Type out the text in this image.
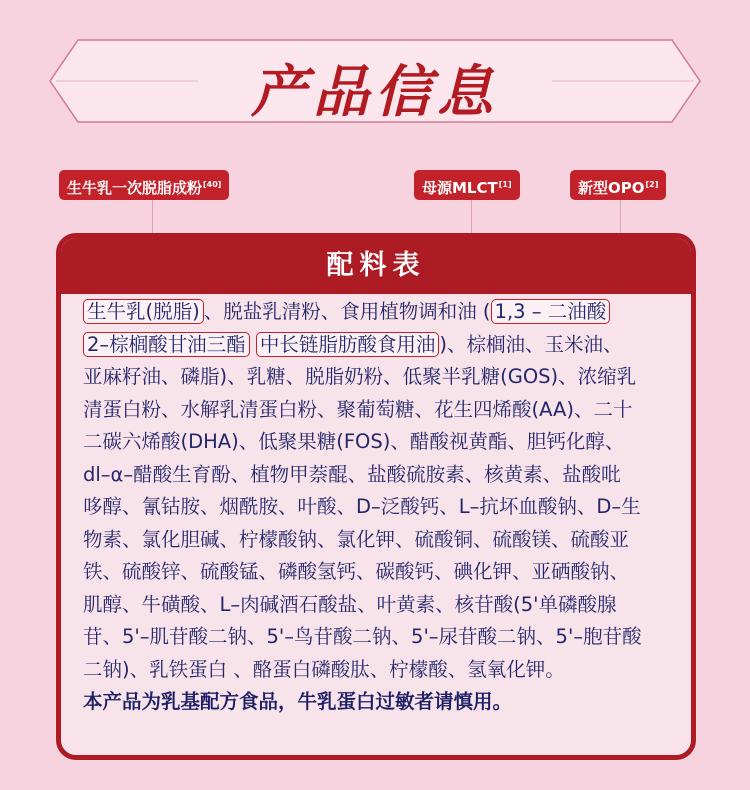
产品信息
生牛乳一次脱脂成粉[40]	母源MLCT[1]	新型OPO[2]
配料表
生牛乳(脱脂) 、脱盐乳清粉、食用植物调和油 ( 1,3 – 二油酸
2–棕榈酸甘油三酯 中长链脂肪酸食用油 )、棕榈油、玉米油、
亚麻籽油、磷脂)、乳糖、脱脂奶粉、低聚半乳糖(GOS)、浓缩乳
清蛋白粉、水解乳清蛋白粉、聚葡萄糖、花生四烯酸(AA)、二十
二碳六烯酸(DHA)、低聚果糖(FOS)、醋酸视黄酯、胆钙化醇、
dl–α–醋酸生育酚、植物甲萘醌、盐酸硫胺素、核黄素、盐酸吡
哆醇、氰钴胺、烟酰胺、叶酸、D–泛酸钙、L–抗坏血酸钠、D–生
物素、氯化胆碱、柠檬酸钠、氯化钾、硫酸铜、硫酸镁、硫酸亚
铁、硫酸锌、硫酸锰、磷酸氢钙、碳酸钙、碘化钾、亚硒酸钠、
肌醇、牛磺酸、L–肉碱酒石酸盐、叶黄素、核苷酸(5'单磷酸腺
苷、5'–肌苷酸二钠、5'–鸟苷酸二钠、5'–尿苷酸二钠、5'–胞苷酸
二钠)、乳铁蛋白 、酪蛋白磷酸肽、柠檬酸、氢氧化钾。
本产品为乳基配方食品，牛乳蛋白过敏者请慎用。
